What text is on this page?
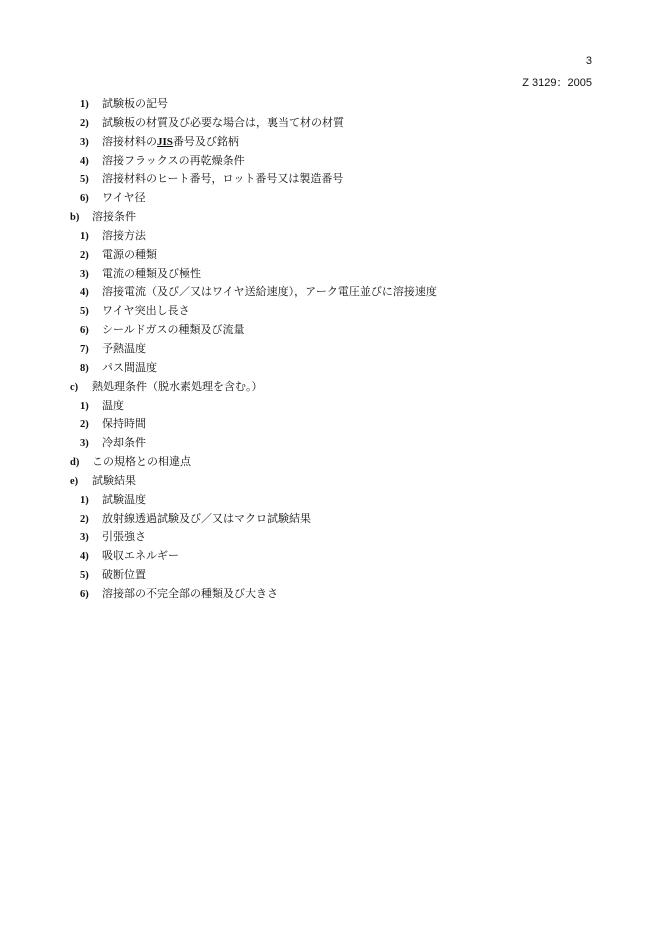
3
Z 3129：2005
1) 試験板の記号
2) 試験板の材質及び必要な場合は，裏当て材の材質
3) 溶接材料のJIS番号及び銘柄
4) 溶接フラックスの再乾燥条件
5) 溶接材料のヒート番号，ロット番号又は製造番号
6) ワイヤ径
b) 溶接条件
1) 溶接方法
2) 電源の種類
3) 電流の種類及び極性
4) 溶接電流（及び／又はワイヤ送給速度），アーク電圧並びに溶接速度
5) ワイヤ突出し長さ
6) シールドガスの種類及び流量
7) 予熱温度
8) パス間温度
c) 熱処理条件（脱水素処理を含む。）
1) 温度
2) 保持時間
3) 冷却条件
d) この規格との相違点
e) 試験結果
1) 試験温度
2) 放射線透過試験及び／又はマクロ試験結果
3) 引張強さ
4) 吸収エネルギー
5) 破断位置
6) 溶接部の不完全部の種類及び大きさ
